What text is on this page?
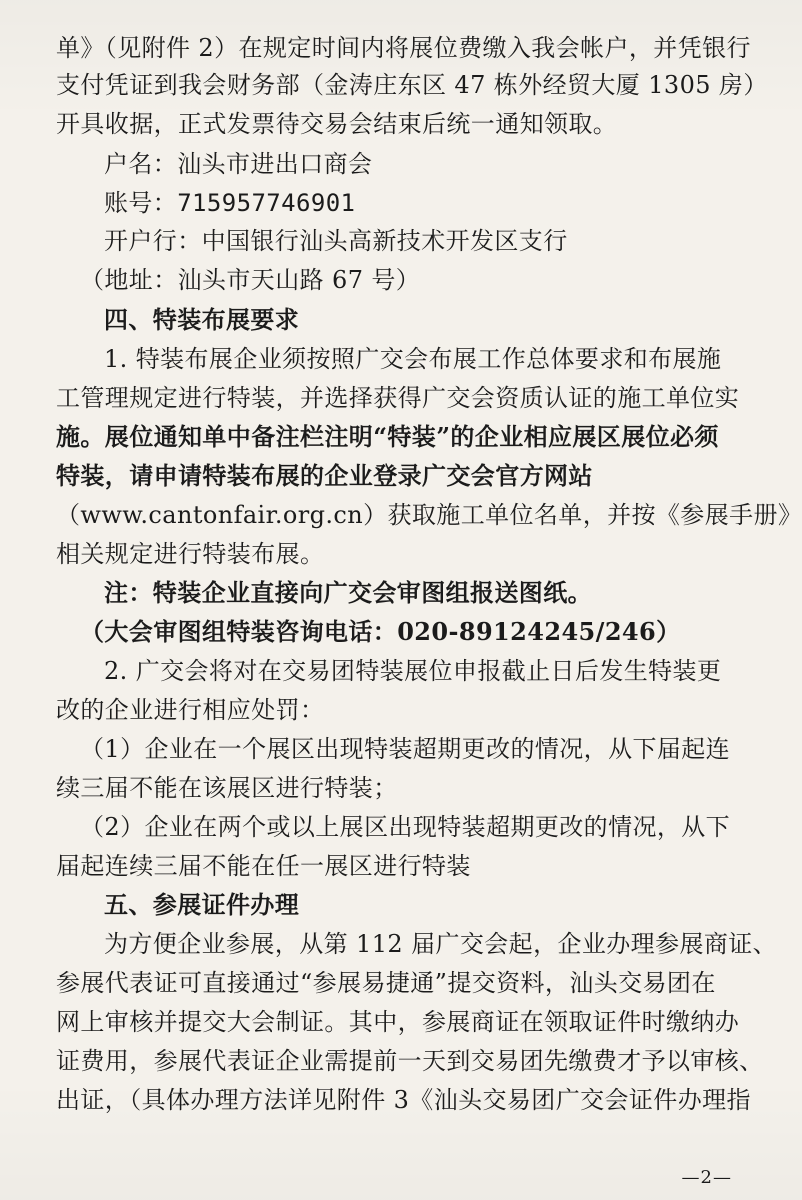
单》（见附件 2）在规定时间内将展位费缴入我会帐户，并凭银行
支付凭证到我会财务部（金涛庄东区 47 栋外经贸大厦 1305 房）
开具收据，正式发票待交易会结束后统一通知领取。
户名：汕头市进出口商会
账号：715957746901
开户行：中国银行汕头高新技术开发区支行
（地址：汕头市天山路 67 号）
四、特装布展要求
1. 特装布展企业须按照广交会布展工作总体要求和布展施
工管理规定进行特装，并选择获得广交会资质认证的施工单位实
施。展位通知单中备注栏注明“特装”的企业相应展区展位必须
特装，请申请特装布展的企业登录广交会官方网站
（www.cantonfair.org.cn）获取施工单位名单，并按《参展手册》
相关规定进行特装布展。
注：特装企业直接向广交会审图组报送图纸。
（大会审图组特装咨询电话：020-89124245/246）
2. 广交会将对在交易团特装展位申报截止日后发生特装更
改的企业进行相应处罚：
（1）企业在一个展区出现特装超期更改的情况，从下届起连
续三届不能在该展区进行特装；
（2）企业在两个或以上展区出现特装超期更改的情况，从下
届起连续三届不能在任一展区进行特装
五、参展证件办理
为方便企业参展，从第 112 届广交会起，企业办理参展商证、
参展代表证可直接通过“参展易捷通”提交资料，汕头交易团在
网上审核并提交大会制证。其中，参展商证在领取证件时缴纳办
证费用，参展代表证企业需提前一天到交易团先缴费才予以审核、
出证，（具体办理方法详见附件 3《汕头交易团广交会证件办理指
—2—
